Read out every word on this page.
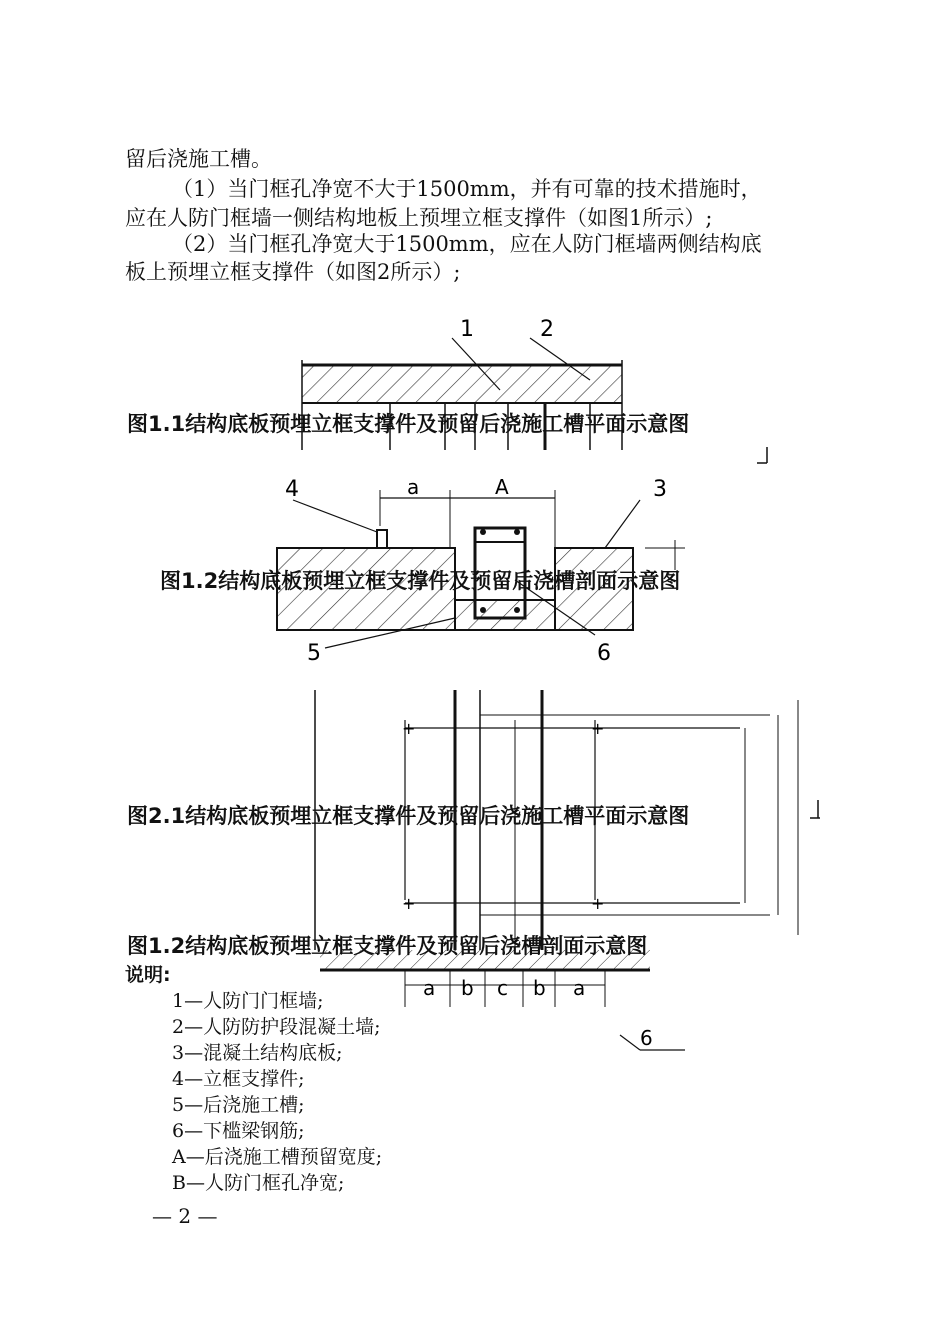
留后浇施工槽。
（1）当门框孔净宽不大于1500mm，并有可靠的技术措施时，
应在人防门框墙一侧结构地板上预埋立框支撑件（如图1所示）;
（2）当门框孔净宽大于1500mm，应在人防门框墙两侧结构底
板上预埋立框支撑件（如图2所示）;
1	2
图1.1结构底板预埋立框支撑件及预留后浇施工槽平面示意图
4	a	A	3
5	6
图1.2结构底板预埋立框支撑件及预留后浇槽剖面示意图
+
+
+
+
图2.1结构底板预埋立框支撑件及预留后浇施工槽平面示意图
a b c b a
6
图1.2结构底板预埋立框支撑件及预留后浇槽剖面示意图
说明:
1—人防门门框墙;
2—人防防护段混凝土墙;
3—混凝土结构底板;
4—立框支撑件;
5—后浇施工槽;
6—下槛梁钢筋;
A—后浇施工槽预留宽度;
B—人防门框孔净宽;
— 2 —
